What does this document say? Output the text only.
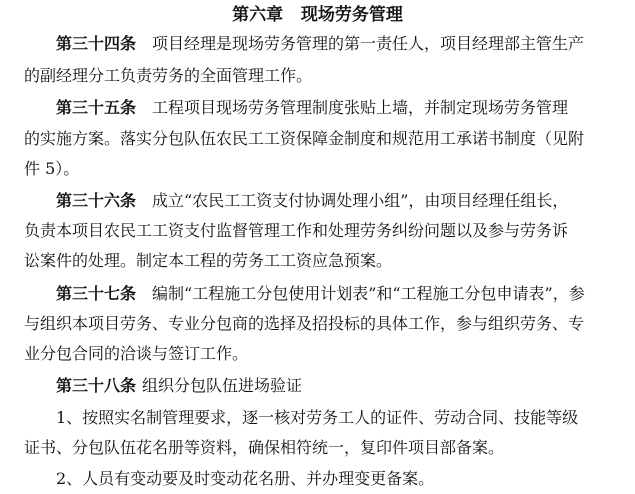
第六章   现场劳务管理
第三十四条 项目经理是现场劳务管理的第一责任人，项目经理部主管生产
的副经理分工负责劳务的全面管理工作。
第三十五条 工程项目现场劳务管理制度张贴上墙，并制定现场劳务管理
的实施方案。落实分包队伍农民工工资保障金制度和规范用工承诺书制度（见附
件 5）。
第三十六条 成立“农民工工资支付协调处理小组”，由项目经理任组长，
负责本项目农民工工资支付监督管理工作和处理劳务纠纷问题以及参与劳务诉
讼案件的处理。制定本工程的劳务工工资应急预案。
第三十七条 编制“工程施工分包使用计划表”和“工程施工分包申请表”，参
与组织本项目劳务、专业分包商的选择及招投标的具体工作，参与组织劳务、专
业分包合同的洽谈与签订工作。
第三十八条 组织分包队伍进场验证
1、按照实名制管理要求，逐一核对劳务工人的证件、劳动合同、技能等级
证书、分包队伍花名册等资料，确保相符统一，复印件项目部备案。
2、人员有变动要及时变动花名册、并办理变更备案。
